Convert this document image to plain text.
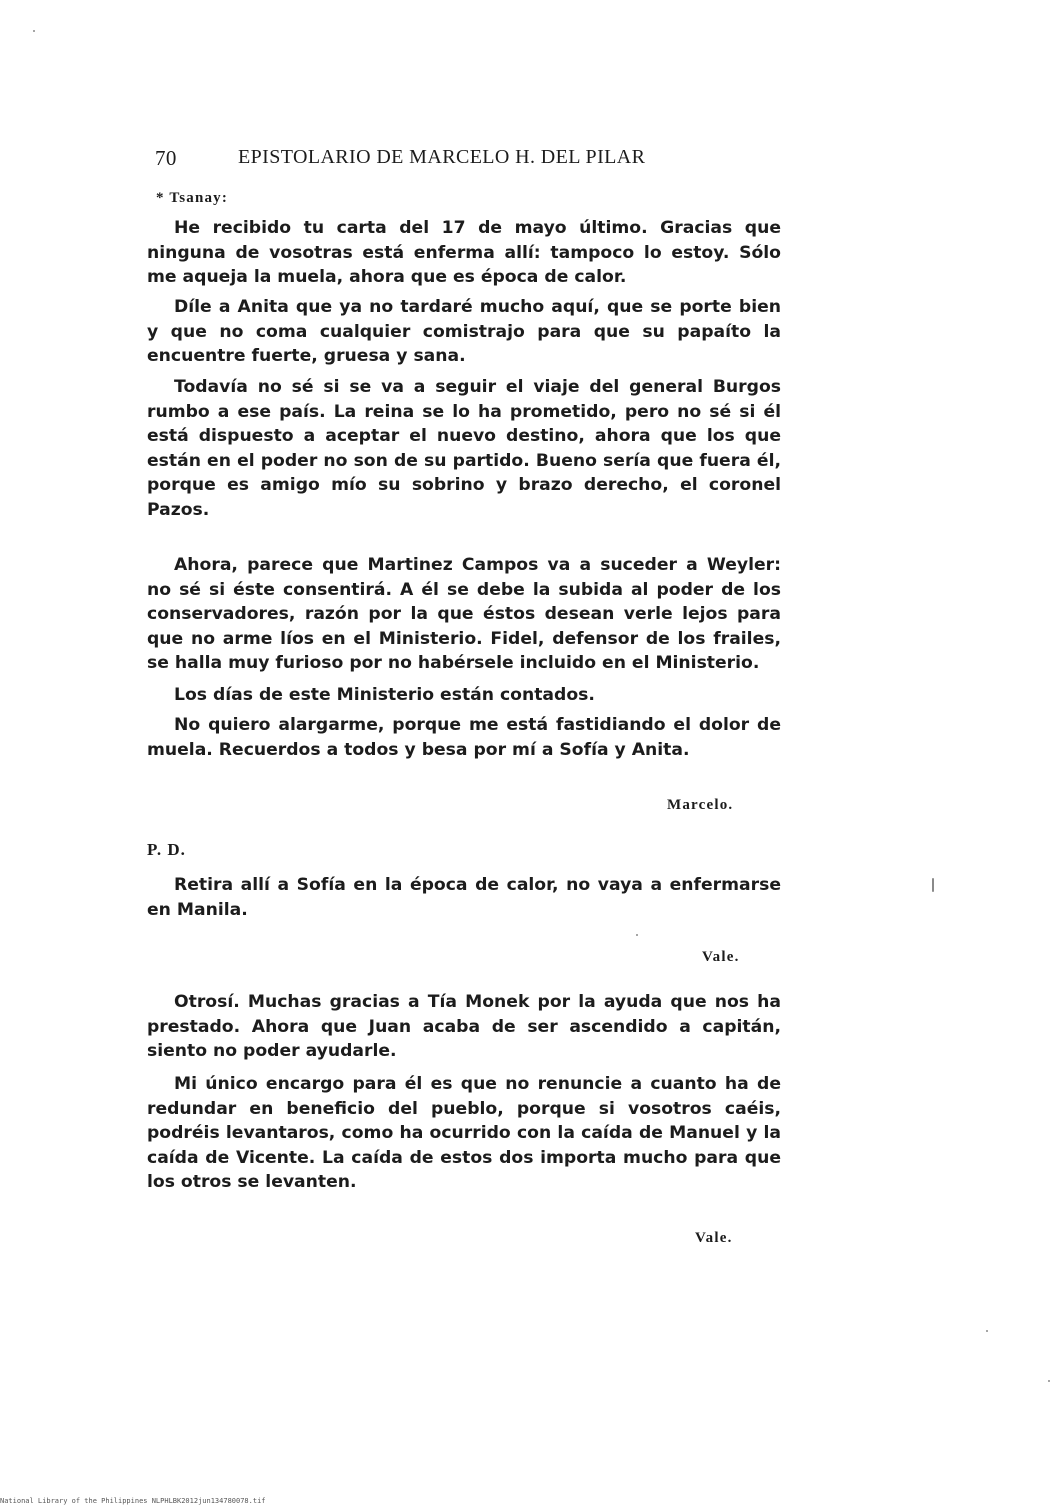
70	EPISTOLARIO DE MARCELO H. DEL PILAR
* Tsanay:

He recibido tu carta del 17 de mayo último. Gracias que ninguna de vosotras está enferma allí: tampoco lo estoy. Sólo me aqueja la muela, ahora que es época de calor.

Díle a Anita que ya no tardaré mucho aquí, que se porte bien y que no coma cualquier comistrajo para que su papaíto la encuentre fuerte, gruesa y sana.

Todavía no sé si se va a seguir el viaje del general Burgos rumbo a ese país. La reina se lo ha prometido, pero no sé si él está dispuesto a aceptar el nuevo destino, ahora que los que están en el poder no son de su partido. Bueno sería que fuera él, porque es amigo mío su sobrino y brazo derecho, el coronel Pazos.

Ahora, parece que Martinez Campos va a suceder a Weyler: no sé si éste consentirá. A él se debe la subida al poder de los conservadores, razón por la que éstos desean verle lejos para que no arme líos en el Ministerio. Fidel, defensor de los frailes, se halla muy furioso por no habérsele incluido en el Ministerio.

Los días de este Ministerio están contados.

No quiero alargarme, porque me está fastidiando el dolor de muela. Recuerdos a todos y besa por mí a Sofía y Anita.

Marcelo.
P. D.

Retira allí a Sofía en la época de calor, no vaya a enfermarse en Manila.

Vale.

Otrosí. Muchas gracias a Tía Monek por la ayuda que nos ha prestado. Ahora que Juan acaba de ser ascendido a capitán, siento no poder ayudarle.

Mi único encargo para él es que no renuncie a cuanto ha de redundar en beneficio del pueblo, porque si vosotros caéis, podréis levantaros, como ha ocurrido con la caída de Manuel y la caída de Vicente. La caída de estos dos importa mucho para que los otros se levanten.

Vale.
National Library of the Philippines NLPHLBK2012jun134780078.tif
